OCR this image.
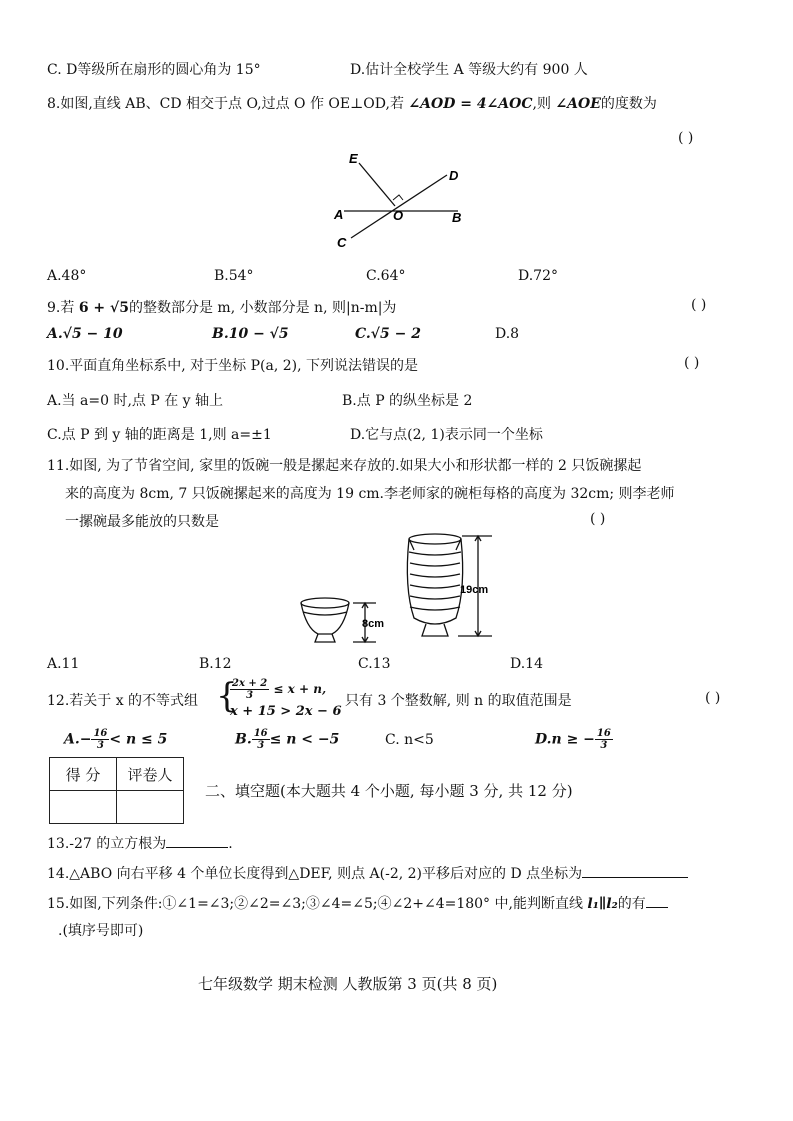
C. D等级所在扇形的圆心角为 15°	D.估计全校学生 A 等级大约有 900 人
8.如图,直线 AB、CD 相交于点 O,过点 O 作 OE⊥OD,若 ∠AOD = 4∠AOC,则 ∠AOE的度数为
( )
E
D
A	O	B
C
A.48°	B.54°	C.64°	D.72°
9.若 6 + √5的整数部分是 m, 小数部分是 n, 则|n-m|为	( )
A.√5 − 10	B.10 − √5	C.√5 − 2	D.8
10.平面直角坐标系中, 对于坐标 P(a, 2), 下列说法错误的是	( )
A.当 a=0 时,点 P 在 y 轴上	B.点 P 的纵坐标是 2
C.点 P 到 y 轴的距离是 1,则 a=±1	D.它与点(2, 1)表示同一个坐标
11.如图, 为了节省空间, 家里的饭碗一般是摞起来存放的.如果大小和形状都一样的 2 只饭碗摞起
来的高度为 8cm, 7 只饭碗摞起来的高度为 19 cm.李老师家的碗柜每格的高度为 32cm; 则李老师
一摞碗最多能放的只数是	( )
8cm
19cm
A.11	B.12	C.13	D.14
12.若关于 x 的不等式组 {
$\frac{2x + 2}{3} \le x + n$,
x + 15 > 2x − 6
只有 3 个整数解, 则 n 的取值范围是	( )
$A.- \frac{16}{3} < n \le 5$	B. $\frac{16}{3} \le n < -5$	C. n<5	D.n ≥ − $\frac{16}{3}$
得 分	评卷人

二、填空题(本大题共 4 个小题, 每小题 3 分, 共 12 分)
13.-27 的立方根为	.
14.△ABO 向右平移 4 个单位长度得到△DEF, 则点 A(-2, 2)平移后对应的 D 点坐标为
15.如图,下列条件:①∠1=∠3;②∠2=∠3;③∠4=∠5;④∠2+∠4=180° 中,能判断直线 l₁∥l₂的有
.(填序号即可)
七年级数学 期末检测 人教版第 3 页(共 8 页)
